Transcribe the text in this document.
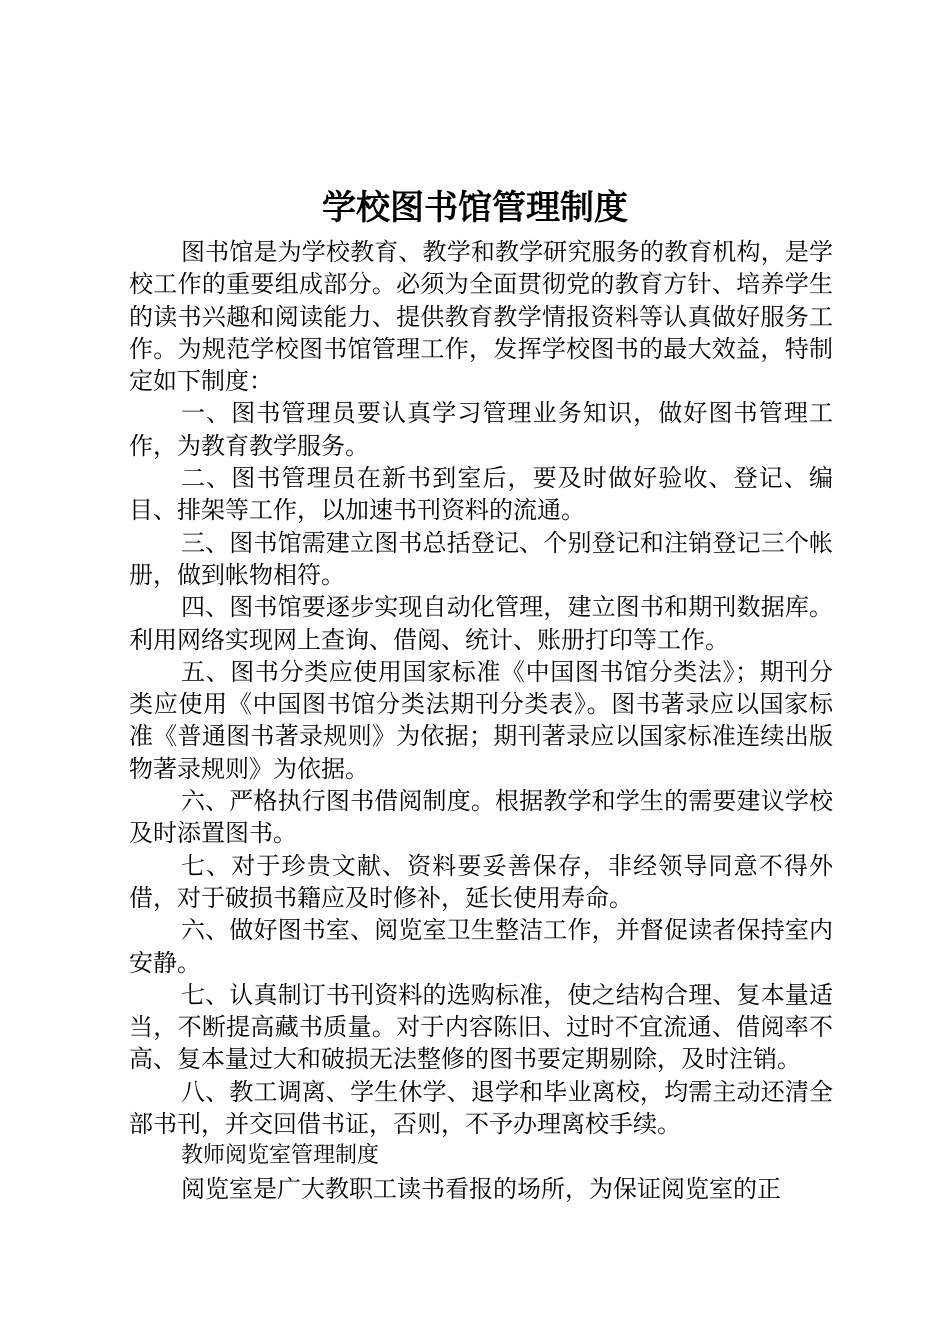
学校图书馆管理制度

图书馆是为学校教育、教学和教学研究服务的教育机构，是学校工作的重要组成部分。必须为全面贯彻党的教育方针、培养学生的读书兴趣和阅读能力、提供教育教学情报资料等认真做好服务工作。为规范学校图书馆管理工作，发挥学校图书的最大效益，特制定如下制度：

一、图书管理员要认真学习管理业务知识，做好图书管理工作，为教育教学服务。

二、图书管理员在新书到室后，要及时做好验收、登记、编目、排架等工作，以加速书刊资料的流通。

三、图书馆需建立图书总括登记、个别登记和注销登记三个帐册，做到帐物相符。

四、图书馆要逐步实现自动化管理，建立图书和期刊数据库。利用网络实现网上查询、借阅、统计、账册打印等工作。

五、图书分类应使用国家标准《中国图书馆分类法》；期刊分类应使用《中国图书馆分类法期刊分类表》。图书著录应以国家标准《普通图书著录规则》为依据；期刊著录应以国家标准连续出版物著录规则》为依据。

六、严格执行图书借阅制度。根据教学和学生的需要建议学校及时添置图书。

七、对于珍贵文献、资料要妥善保存，非经领导同意不得外借，对于破损书籍应及时修补，延长使用寿命。

六、做好图书室、阅览室卫生整洁工作，并督促读者保持室内安静。

七、认真制订书刊资料的选购标准，使之结构合理、复本量适当，不断提高藏书质量。对于内容陈旧、过时不宜流通、借阅率不高、复本量过大和破损无法整修的图书要定期剔除，及时注销。

八、教工调离、学生休学、退学和毕业离校，均需主动还清全部书刊，并交回借书证，否则，不予办理离校手续。

教师阅览室管理制度

阅览室是广大教职工读书看报的场所，为保证阅览室的正
